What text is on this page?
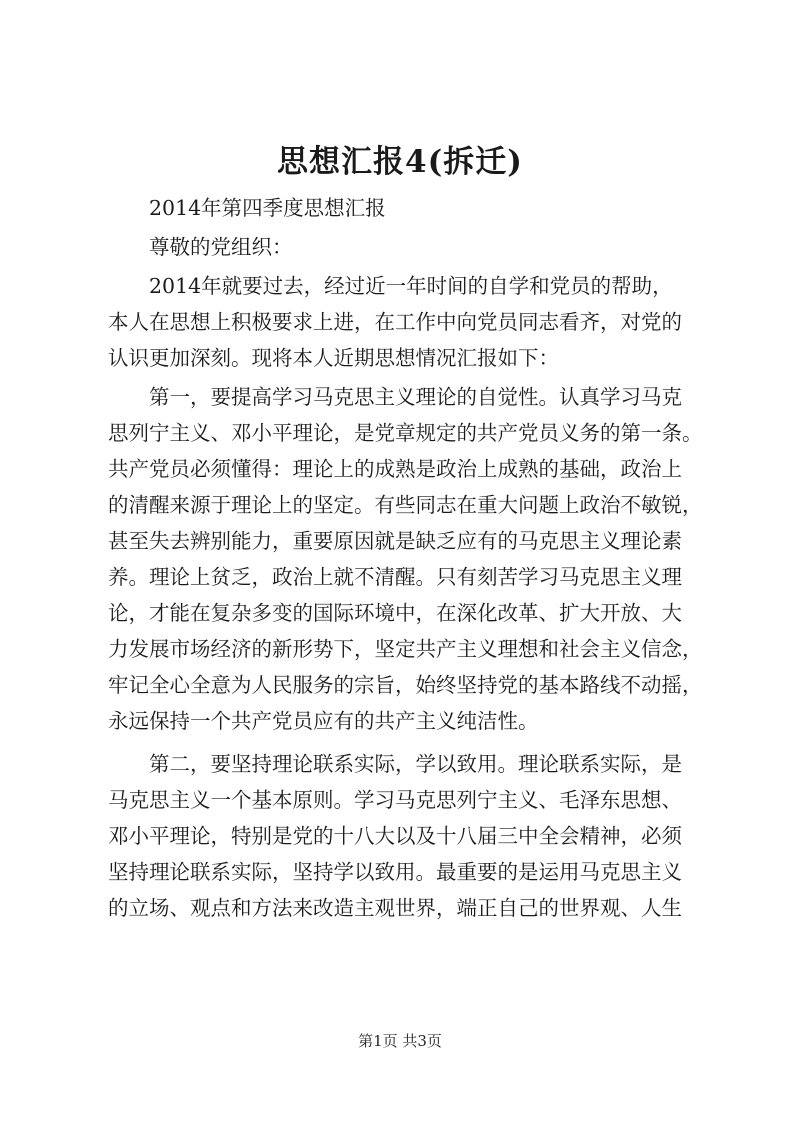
思想汇报4(拆迁)

2014年第四季度思想汇报

尊敬的党组织：

2014年就要过去，经过近一年时间的自学和党员的帮助，
本人在思想上积极要求上进，在工作中向党员同志看齐，对党的
认识更加深刻。现将本人近期思想情况汇报如下：

第一，要提高学习马克思主义理论的自觉性。认真学习马克
思列宁主义、邓小平理论，是党章规定的共产党员义务的第一条。
共产党员必须懂得：理论上的成熟是政治上成熟的基础，政治上
的清醒来源于理论上的坚定。有些同志在重大问题上政治不敏锐，
甚至失去辨别能力，重要原因就是缺乏应有的马克思主义理论素
养。理论上贫乏，政治上就不清醒。只有刻苦学习马克思主义理
论，才能在复杂多变的国际环境中，在深化改革、扩大开放、大
力发展市场经济的新形势下，坚定共产主义理想和社会主义信念，
牢记全心全意为人民服务的宗旨，始终坚持党的基本路线不动摇，
永远保持一个共产党员应有的共产主义纯洁性。

第二，要坚持理论联系实际，学以致用。理论联系实际，是
马克思主义一个基本原则。学习马克思列宁主义、毛泽东思想、
邓小平理论，特别是党的十八大以及十八届三中全会精神，必须
坚持理论联系实际，坚持学以致用。最重要的是运用马克思主义
的立场、观点和方法来改造主观世界，端正自己的世界观、人生

第1页 共3页
